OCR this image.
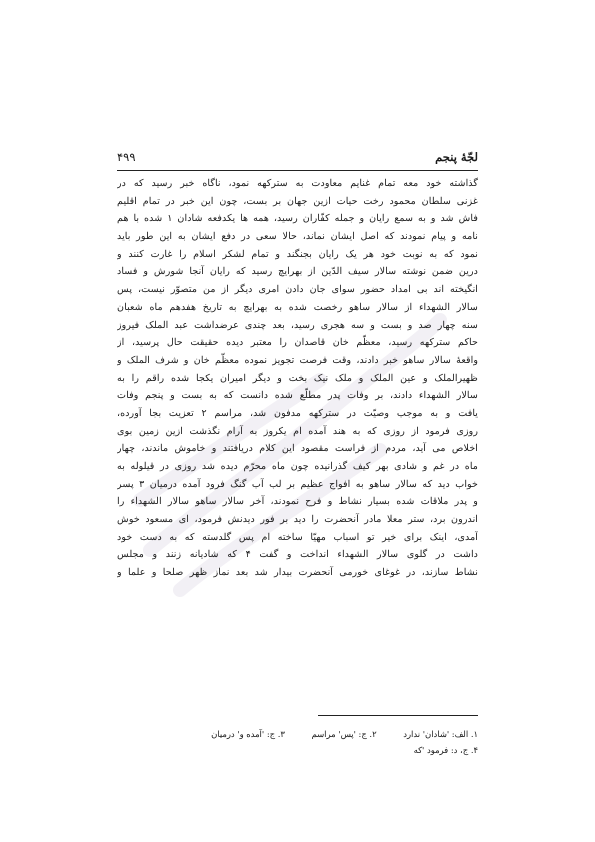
لجّهٔ پنجم
۴۹۹
گذاشته خود معه تمام غنایم معاودت به سترکهه نمود، ناگاه خبر رسید که در
غزنی سلطان محمود رخت حیات ازین جهان بر بست، چون این خبر در تمام اقلیم
فاش شد و به سمع رایان و جمله کفّاران رسید، همه ها یکدفعه شادان ۱ شده با هم
نامه و پیام نمودند که اصل ایشان نماند، حالا سعی در دفع ایشان به این طور باید
نمود که به نوبت خود هر یک رایان بجنگند و تمام لشکر اسلام را غارت کنند و
درین ضمن نوشته سالار سیف الدّین از بهرایچ رسید که رایان آنجا شورش و فساد
انگیخته اند بی امداد حضور سوای جان دادن امری دیگر از من متصوّر نیست، پس
سالار الشهداء از سالار ساهو رخصت شده به بهرایچ به تاریخ هفدهم ماه شعبان
سنه چهار صد و بست و سه هجری رسید، بعد چندی عرضداشت عبد الملک فیروز
حاکم سترکهه رسید، معظّم خان قاصدان را معتبر دیده حقیقت حال پرسید، از
واقعهٔ سالار ساهو خبر دادند، وقت فرصت تجویز نموده معظّم خان و شرف الملک و
ظهیرالملک و عین الملک و ملک نیک بخت و دیگر امیران یکجا شده راقم را به
سالار الشهداء دادند، بر وفات پدر مطلّع شده دانست که به بست و پنجم وفات
یافت و به موجب وصیّت در سترکهه مدفون شد، مراسم ۲ تعزیت بجا آورده،
روزی فرمود از روزی که به هند آمده ام یکروز به آرام نگذشت ازین زمین بوی
اخلاص می آید، مردم از فراست مقصود این کلام دریافتند و خاموش ماندند، چهار
ماه در غم و شادی بهر کیف گذرانیده چون ماه محرّم دیده شد روزی در قیلوله به
خواب دید که سالار ساهو به افواج عظیم بر لب آب گنگ فرود آمده درمیان ۳ پسر
و پدر ملاقات شده بسیار نشاط و فرح نمودند، آخر سالار ساهو سالار الشهداء را
اندرون برد، ستر معلا مادر آنحضرت را دید بر فور دیدنش فرمود، ای مسعود خوش
آمدی، اینک برای خیر تو اسباب مهیّا ساخته ام پس گلدسته که به دست خود
داشت در گلوی سالار الشهداء انداخت و گفت ۴ که شادیانه زنند و مجلس
نشاط سازند، در غوغای خورمی آنحضرت بیدار شد بعد نماز ظهر صلحا و علما و
۱. الف: 'شادان' ندارد ۲. ج: 'پس' مراسم ۳. ج: 'آمده و' درمیان
۴. ج، د: فرمود 'که
